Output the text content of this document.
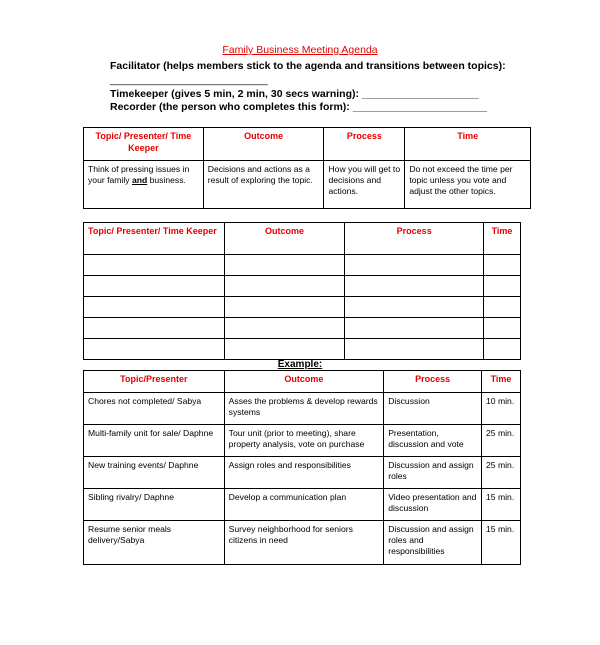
Family Business Meeting Agenda
Facilitator (helps members stick to the agenda and transitions between topics):
___________________________
Timekeeper (gives 5 min, 2 min, 30 secs warning): ____________________
Recorder (the person who completes this form): _______________________
Topic/ Presenter/ Time Keeper	Outcome	Process	Time
Think of pressing issues in your family and business.	Decisions and actions as a result of exploring the topic.	How you will get to decisions and actions.	Do not exceed the time per topic unless you vote and adjust the other topics.
Topic/ Presenter/ Time Keeper	Outcome	Process	Time

Example:
Topic/Presenter	Outcome	Process	Time
Chores not completed/ Sabya	Asses the problems & develop rewards systems	Discussion	10 min.
Multi-family unit for sale/ Daphne	Tour unit (prior to meeting), share property analysis, vote on purchase	Presentation, discussion and vote	25 min.
New training events/ Daphne	Assign roles and responsibilities	Discussion and assign roles	25 min.
Sibling rivalry/ Daphne	Develop a communication plan	Video presentation and discussion	15 min.
Resume senior meals delivery/Sabya	Survey neighborhood for seniors citizens in need	Discussion and assign roles and responsibilities	15 min.
